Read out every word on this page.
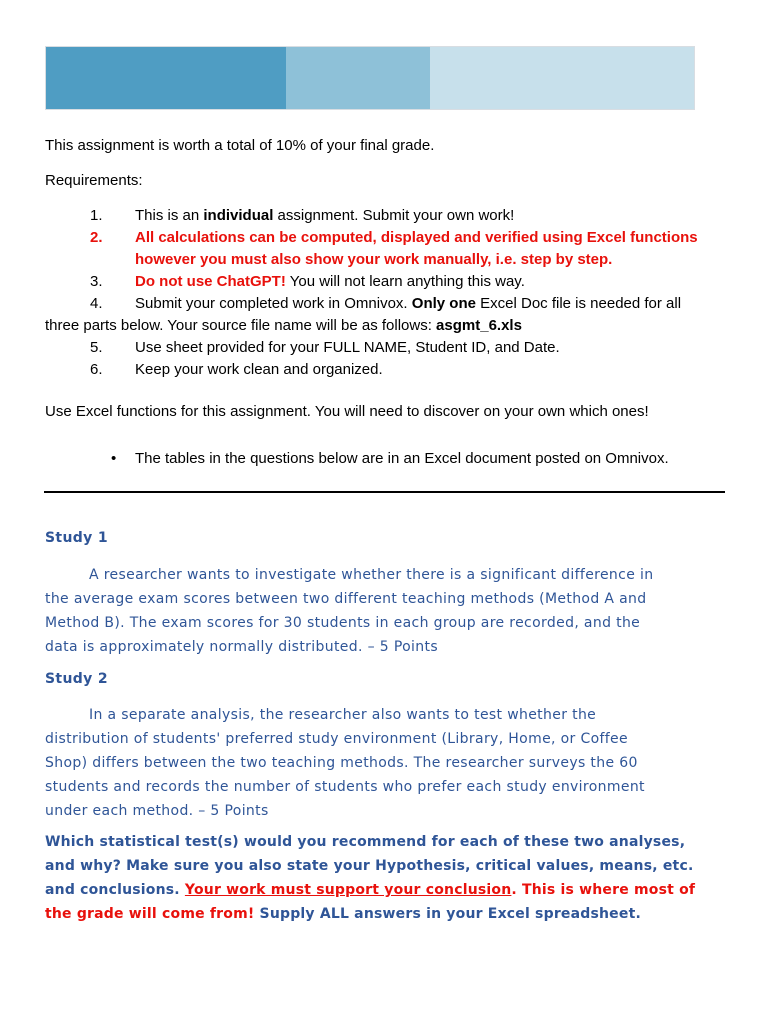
This assignment is worth a total of 10% of your final grade.
Requirements:
1. This is an individual assignment. Submit your own work!
2. All calculations can be computed, displayed and verified using Excel functions
however you must also show your work manually, i.e. step by step.
3. Do not use ChatGPT! You will not learn anything this way.
4. Submit your completed work in Omnivox. Only one Excel Doc file is needed for all
three parts below. Your source file name will be as follows: asgmt_6.xls
5. Use sheet provided for your FULL NAME, Student ID, and Date.
6. Keep your work clean and organized.
Use Excel functions for this assignment. You will need to discover on your own which ones!
• The tables in the questions below are in an Excel document posted on Omnivox.
Study 1

A researcher wants to investigate whether there is a significant difference in

the average exam scores between two different teaching methods (Method A and

Method B). The exam scores for 30 students in each group are recorded, and the

data is approximately normally distributed. – 5 Points

Study 2

In a separate analysis, the researcher also wants to test whether the

distribution of students' preferred study environment (Library, Home, or Coffee

Shop) differs between the two teaching methods. The researcher surveys the 60

students and records the number of students who prefer each study environment

under each method. – 5 Points

Which statistical test(s) would you recommend for each of these two analyses,
and why? Make sure you also state your Hypothesis, critical values, means, etc.
and conclusions. Your work must support your conclusion. This is where most of
the grade will come from! Supply ALL answers in your Excel spreadsheet.
